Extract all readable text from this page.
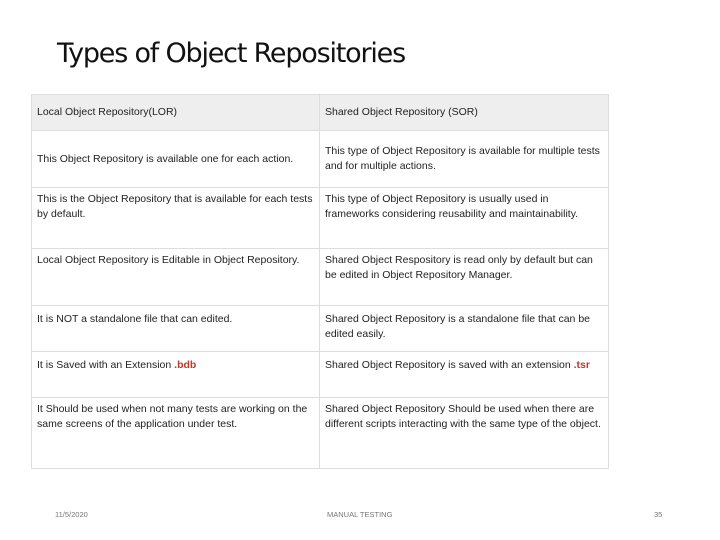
Types of Object Repositories
Local Object Repository(LOR)	Shared Object Repository (SOR)
This Object Repository is available one for each action.	This type of Object Repository is available for multiple tests and for multiple actions.
This is the Object Repository that is available for each tests by default.	This type of Object Repository is usually used in frameworks considering reusability and maintainability.
Local Object Repository is Editable in Object Repository.	Shared Object Respository is read only by default but can be edited in Object Repository Manager.
It is NOT a standalone file that can edited.	Shared Object Repository is a standalone file that can be edited easily.
It is Saved with an Extension .bdb	Shared Object Repository is saved with an extension .tsr
It Should be used when not many tests are working on the same screens of the application under test.	Shared Object Repository Should be used when there are different scripts interacting with the same type of the object.
11/5/2020	MANUAL TESTING	35
